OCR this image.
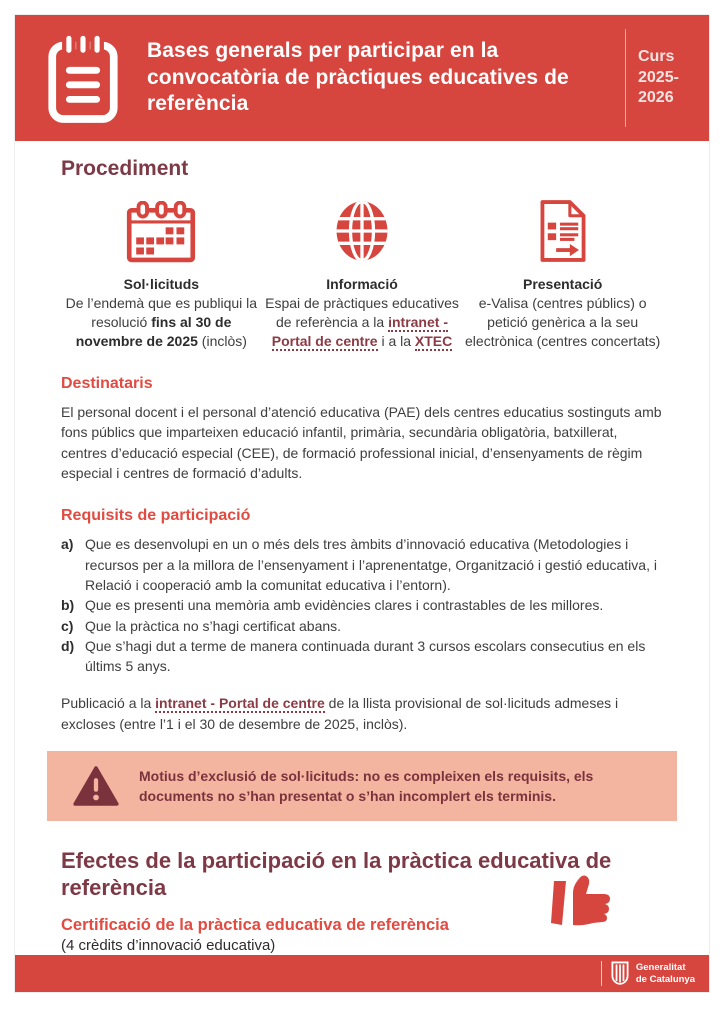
Bases generals per participar en la convocatòria de pràctiques educatives de referència
Curs 2025-2026
Procediment

Sol·licituds
De l’endemà que es publiqui la resolució fins al 30 de novembre de 2025 (inclòs)

Informació
Espai de pràctiques educatives de referència a la intranet - Portal de centre i a la XTEC

Presentació
e-Valisa (centres públics) o petició genèrica a la seu electrònica (centres concertats)

Destinataris

El personal docent i el personal d’atenció educativa (PAE) dels centres educatius sostinguts amb fons públics que imparteixen educació infantil, primària, secundària obligatòria, batxillerat, centres d’educació especial (CEE), de formació professional inicial, d’ensenyaments de règim especial i centres de formació d’adults.

Requisits de participació
a) Que es desenvolupi en un o més dels tres àmbits d’innovació educativa (Metodologies i recursos per a la millora de l’ensenyament i l’aprenentatge, Organització i gestió educativa, i Relació i cooperació amb la comunitat educativa i l’entorn).
b) Que es presenti una memòria amb evidències clares i contrastables de les millores.
c) Que la pràctica no s’hagi certificat abans.
d) Que s’hagi dut a terme de manera continuada durant 3 cursos escolars consecutius en els últims 5 anys.

Publicació a la intranet - Portal de centre de la llista provisional de sol·licituds admeses i excloses (entre l’1 i el 30 de desembre de 2025, inclòs).

Motius d’exclusió de sol·licituds: no es compleixen els requisits, els documents no s’han presentat o s’han incomplert els terminis.

Efectes de la participació en la pràctica educativa de referència
Certificació de la pràctica educativa de referència

(4 crèdits d’innovació educativa)

Generalitat
de Catalunya
